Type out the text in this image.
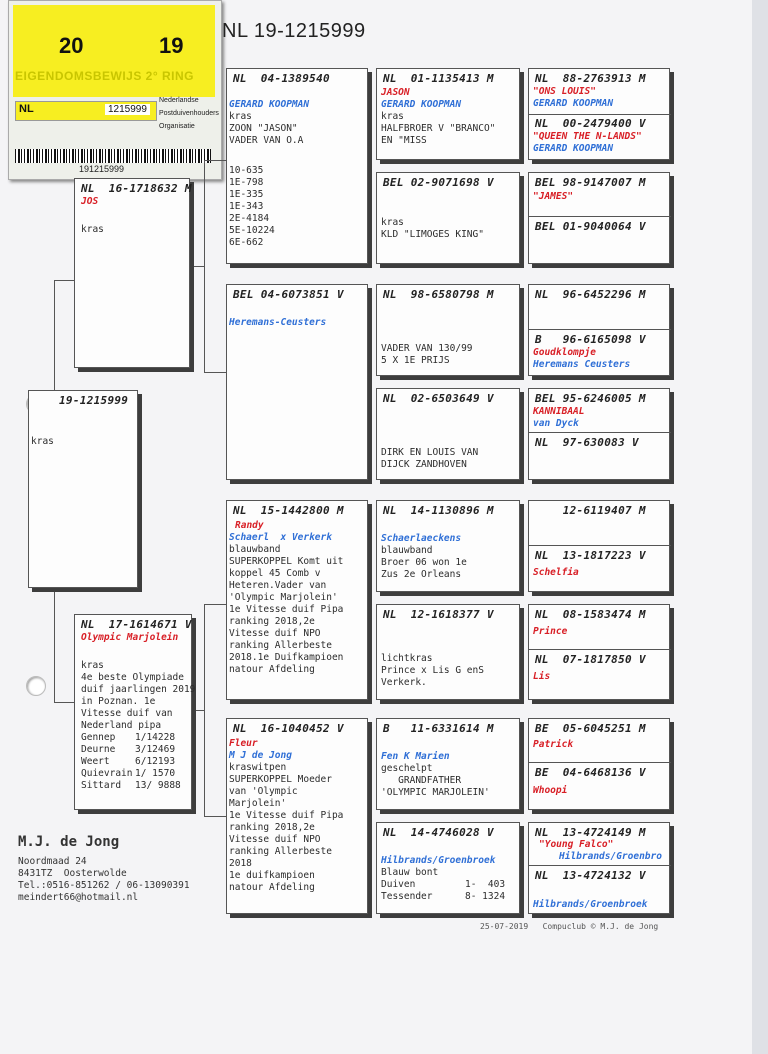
20	19
EIGENDOMSBEWIJS 2° RING
NL	1215999
Nederlandse
Postduivenhouders
Organisatie
191215999
NL 19-1215999
19-1215999
kras
NL  16-1718632 M
JOS
kras
NL  17-1614671 V
Olympic Marjolein
kras
4e beste Olympiade
duif jaarlingen 2019
in Poznan. 1e
Vitesse duif van
Nederland pipa
Gennep 1/14228
Deurne 3/12469
Weert	6/12193
Quievrain 1/ 1570
Sittard 13/ 9888
NL  04-1389540
GERARD KOOPMAN
kras
ZOON "JASON"
VADER VAN O.A
10-635
1E-798
1E-335
1E-343
2E-4184
5E-10224
6E-662
BEL 04-6073851 V
Heremans-Ceusters
NL  15-1442800 M
Randy
Schaerl  x Verkerk
blauwband
SUPERKOPPEL Komt uit
koppel 45 Comb v
Heteren.Vader van
'Olympic Marjolein'
1e Vitesse duif Pipa
ranking 2018,2e
Vitesse duif NPO
ranking Allerbeste
2018.1e Duifkampioen
natour Afdeling
NL  16-1040452 V
Fleur
M J de Jong
kraswitpen
SUPERKOPPEL Moeder
van 'Olympic
Marjolein'
1e Vitesse duif Pipa
ranking 2018,2e
Vitesse duif NPO
ranking Allerbeste
2018
1e duifkampioen
natour Afdeling
NL  01-1135413 M
JASON
GERARD KOOPMAN
kras
HALFBROER V "BRANCO"
EN "MISS
BEL 02-9071698 V
kras
KLD "LIMOGES KING"
NL  98-6580798 M
VADER VAN 130/99
5 X 1E PRIJS
NL  02-6503649 V
DIRK EN LOUIS VAN
DIJCK ZANDHOVEN
NL  14-1130896 M
Schaerlaeckens
blauwband
Broer 06 won 1e
Zus 2e Orleans
NL  12-1618377 V
lichtkras
Prince x Lis G enS
Verkerk.
B   11-6331614 M
Fen K Marien
geschelpt
GRANDFATHER
'OLYMPIC MARJOLEIN'
NL  14-4746028 V
Hilbrands/Groenbroek
Blauw bont
Duiven	1-  403
Tessender	8- 1324
NL  88-2763913 M
"ONS LOUIS"
GERARD KOOPMAN
NL  00-2479400 V
"QUEEN THE N-LANDS"
GERARD KOOPMAN
BEL 98-9147007 M
"JAMES"
BEL 01-9040064 V
NL  96-6452296 M
B   96-6165098 V
Goudklompje
Heremans Ceusters
BEL 95-6246005 M
KANNIBAAL
van Dyck
NL  97-630083 V
12-6119407 M
NL  13-1817223 V
Schelfia
NL  08-1583474 M
Prince
NL  07-1817850 V
Lis
BE  05-6045251 M
Patrick
BE  04-6468136 V
Whoopi
NL  13-4724149 M
"Young Falco"
Hilbrands/Groenbro
NL  13-4724132 V
Hilbrands/Groenbroek
M.J. de Jong
Noordmaad 24
8431TZ  Oosterwolde
Tel.:0516-851262 / 06-13090391
meindert66@hotmail.nl
25-07-2019   Compuclub © M.J. de Jong
